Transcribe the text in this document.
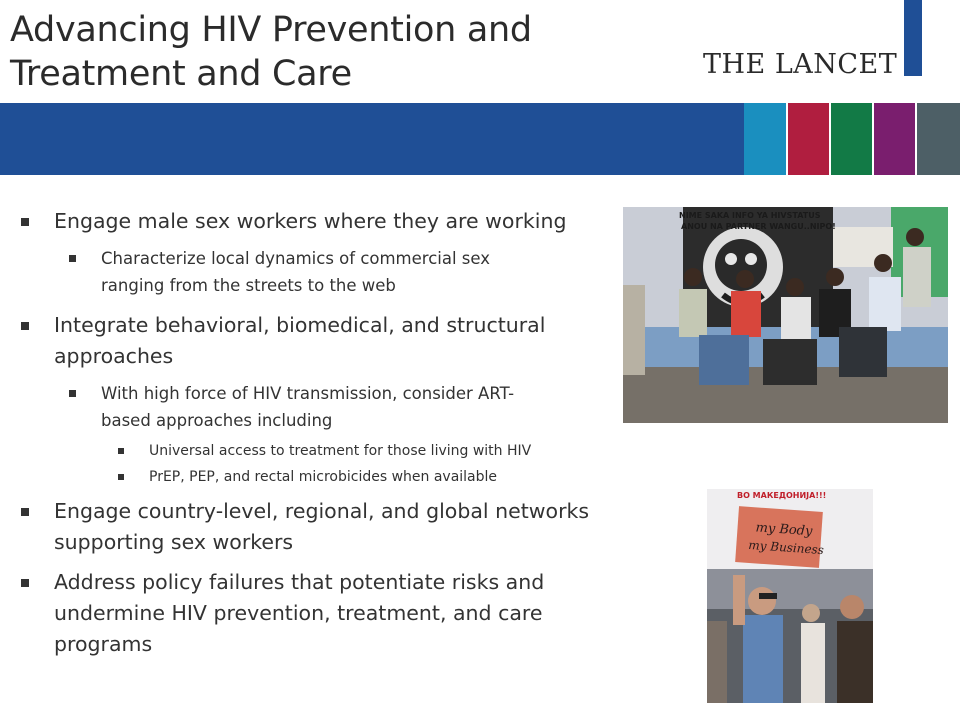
Advancing HIV Prevention and
Treatment and Care	THE LANCET

Engage male sex workers where they are working

Characterize local dynamics of commercial sex
ranging from the streets to the web

Integrate behavioral, biomedical, and structural
approaches

With high force of HIV transmission, consider ART-
based approaches including

Universal access to treatment for those living with HIV

PrEP, PEP, and rectal microbicides when available

Engage country-level, regional, and global networks
supporting sex workers

Address policy failures that potentiate risks and
undermine HIV prevention, treatment, and care
programs

NIME SAKA INFO YA HIVSTATUS
ANOU NA PARTNER WANGU..NIPO!
ВО МАКЕДОНИЈА!!!
my Body
my Business
